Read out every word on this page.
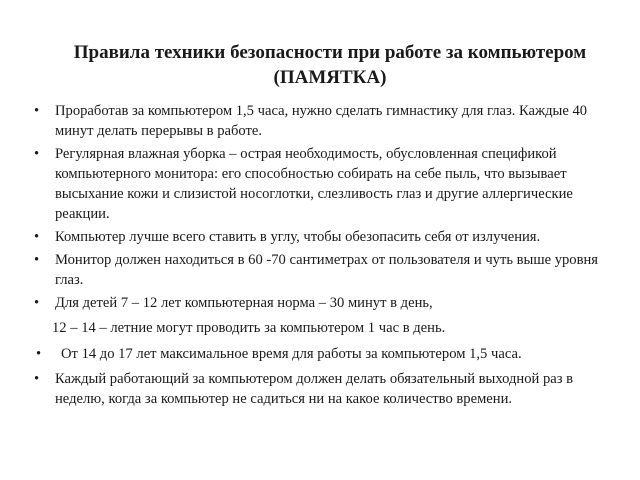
Правила техники безопасности при работе за компьютером
(ПАМЯТКА)
•	Проработав за компьютером 1,5 часа, нужно сделать гимнастику для глаз. Каждые 40 минут делать перерывы в работе.
•	Регулярная влажная уборка – острая необходимость, обусловленная спецификой компьютерного монитора: его способностью собирать на себе пыль, что вызывает высыхание кожи и слизистой носоглотки, слезливость глаз и другие аллергические реакции.
•	Компьютер лучше всего ставить в углу, чтобы обезопасить себя от излучения.
•	Монитор должен находиться в 60 -70 сантиметрах от пользователя и чуть выше уровня глаз.
•	Для детей 7 – 12 лет компьютерная норма – 30 минут в день,
12 – 14 – летние могут проводить за компьютером 1 час в день.
• От 14 до 17 лет максимальное время для работы за компьютером 1,5 часа.
•	Каждый работающий за компьютером должен делать обязательный выходной раз в неделю, когда за компьютер не садиться ни на какое количество времени.
